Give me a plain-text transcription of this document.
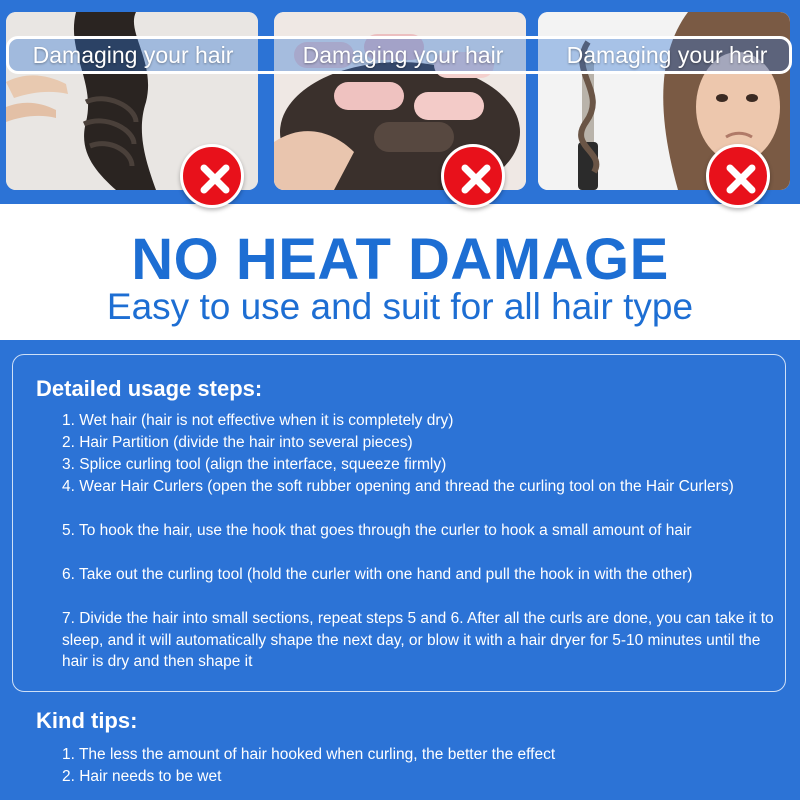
Damaging your hair	Damaging your hair	Damaging your hair
NO HEAT DAMAGE
Easy to use and suit for all hair type
Detailed usage steps:
1. Wet hair (hair is not effective when it is completely dry)
2. Hair Partition (divide the hair into several pieces)
3. Splice curling tool (align the interface, squeeze firmly)
4. Wear Hair Curlers (open the soft rubber opening and thread the curling tool on the Hair Curlers)
5. To hook the hair, use the hook that goes through the curler to hook a small amount of hair
6. Take out the curling tool (hold the curler with one hand and pull the hook in with the other)
7. Divide the hair into small sections, repeat steps 5 and 6. After all the curls are done, you can take it to sleep, and it will automatically shape the next day, or blow it with a hair dryer for 5-10 minutes until the hair is dry and then shape it
Kind tips:
1. The less the amount of hair hooked when curling, the better the effect
2. Hair needs to be wet
